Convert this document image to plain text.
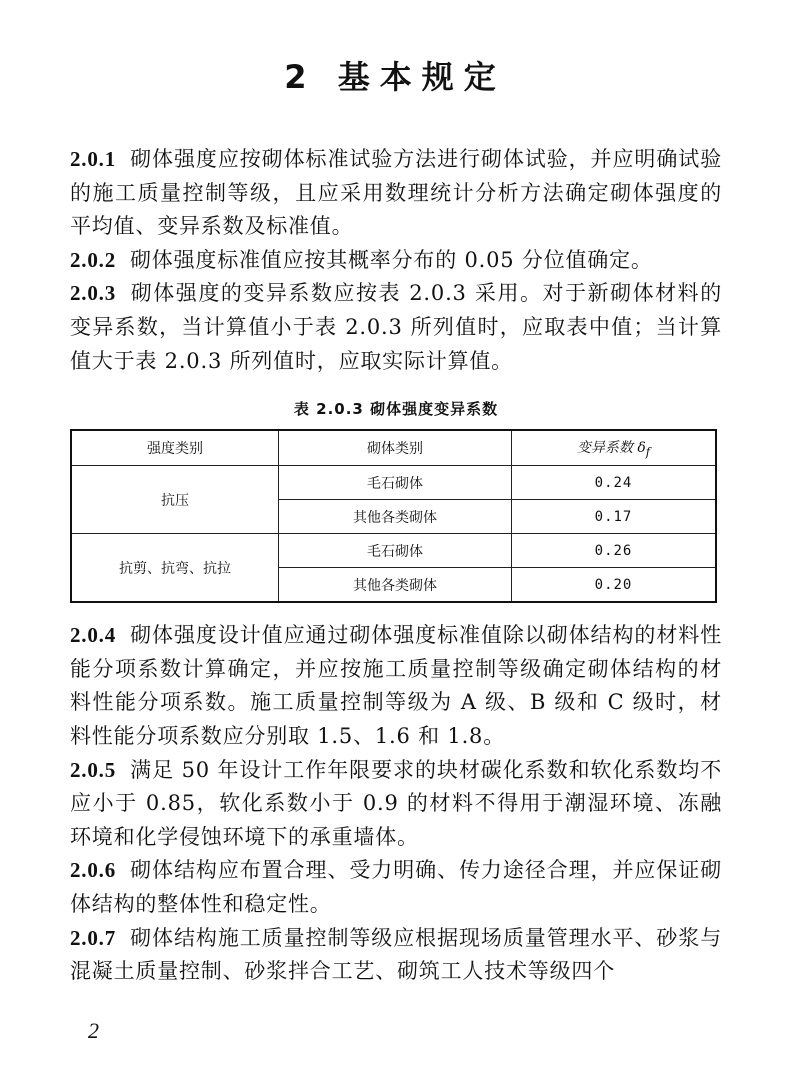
2 基本规定

2.0.1 砌体强度应按砌体标准试验方法进行砌体试验，并应明确试验的施工质量控制等级，且应采用数理统计分析方法确定砌体强度的平均值、变异系数及标准值。

2.0.2 砌体强度标准值应按其概率分布的 0.05 分位值确定。

2.0.3 砌体强度的变异系数应按表 2.0.3 采用。对于新砌体材料的变异系数，当计算值小于表 2.0.3 所列值时，应取表中值；当计算值大于表 2.0.3 所列值时，应取实际计算值。

表 2.0.3 砌体强度变异系数
强度类别	砌体类别	变异系数 $\delta_f$
抗压	毛石砌体	0.24
	其他各类砌体	0.17
抗剪、抗弯、抗拉	毛石砌体	0.26
	其他各类砌体	0.20

2.0.4 砌体强度设计值应通过砌体强度标准值除以砌体结构的材料性能分项系数计算确定，并应按施工质量控制等级确定砌体结构的材料性能分项系数。施工质量控制等级为 A 级、B 级和 C 级时，材料性能分项系数应分别取 1.5、1.6 和 1.8。

2.0.5 满足 50 年设计工作年限要求的块材碳化系数和软化系数均不应小于 0.85，软化系数小于 0.9 的材料不得用于潮湿环境、冻融环境和化学侵蚀环境下的承重墙体。

2.0.6 砌体结构应布置合理、受力明确、传力途径合理，并应保证砌体结构的整体性和稳定性。

2.0.7 砌体结构施工质量控制等级应根据现场质量管理水平、砂浆与混凝土质量控制、砂浆拌合工艺、砌筑工人技术等级四个

2
